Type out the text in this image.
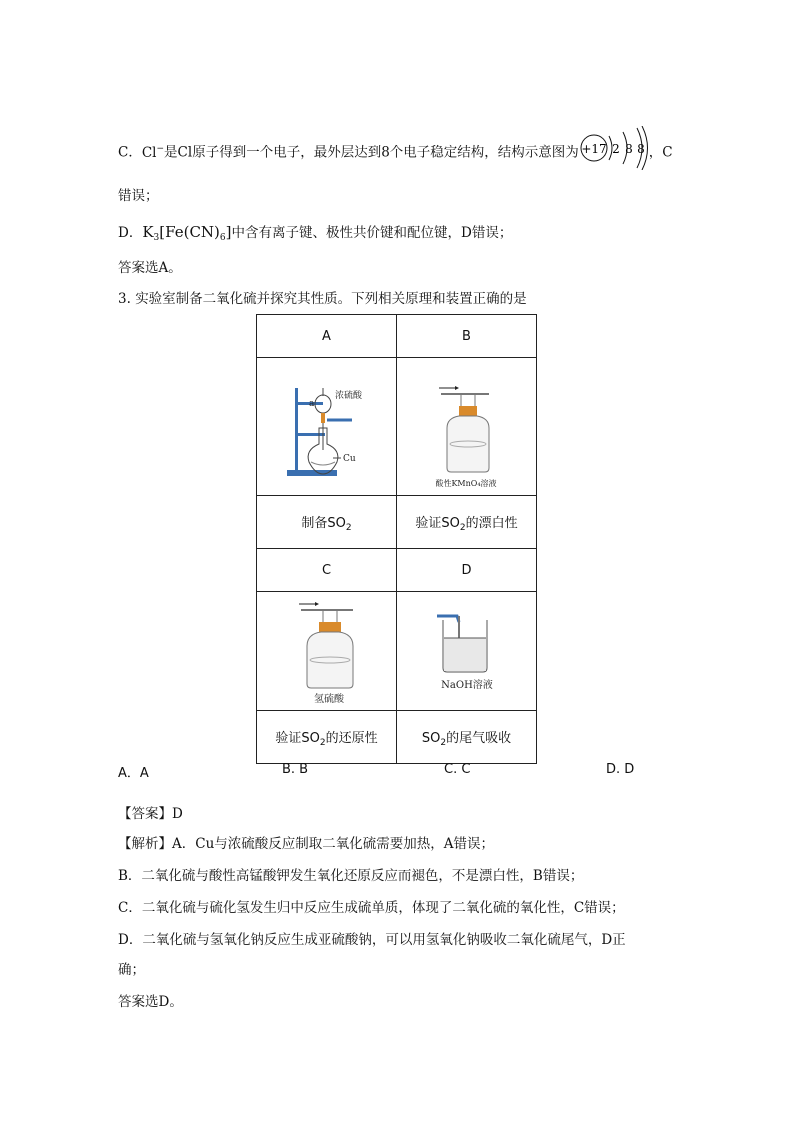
C．Cl−是Cl原子得到一个电子，最外层达到8个电子稳定结构，结构示意图为 +17 2 8 8 ，C
错误；
D．$K_3[Fe(CN)_6]$中含有离子键、极性共价键和配位键，D错误；
答案选A。
3. 实验室制备二氧化硫并探究其性质。下列相关原理和装置正确的是
A	B

浓硫酸
a
Cu	酸性KMnO₄溶液

制备$SO_2$	验证$SO_2$的漂白性
C	D

氢硫酸	NaOH溶液

验证$SO_2$的还原性	$SO_2$的尾气吸收
A．A	B. B	C. C	D. D
【答案】D
【解析】A．Cu与浓硫酸反应制取二氧化硫需要加热，A错误；
B．二氧化硫与酸性高锰酸钾发生氧化还原反应而褪色，不是漂白性，B错误；
C．二氧化硫与硫化氢发生归中反应生成硫单质，体现了二氧化硫的氧化性，C错误；
D．二氧化硫与氢氧化钠反应生成亚硫酸钠，可以用氢氧化钠吸收二氧化硫尾气，D正
确；
答案选D。
